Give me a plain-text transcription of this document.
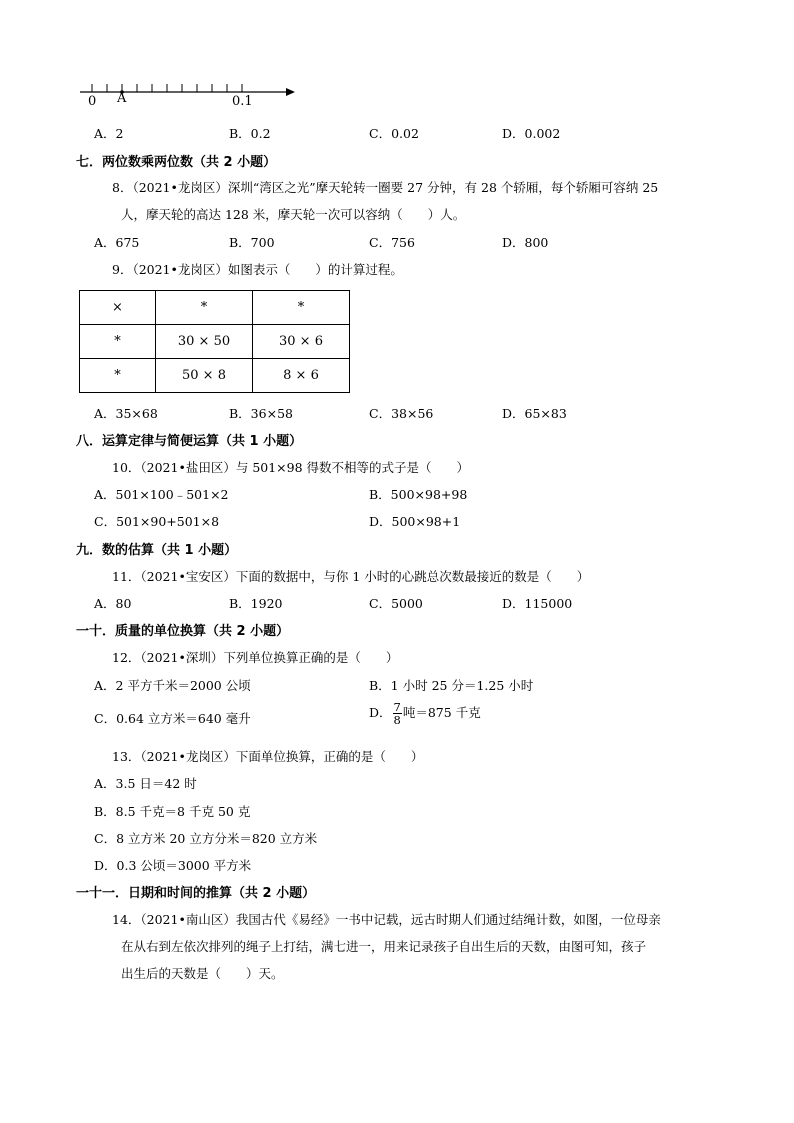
0 A	0.1
A．2	B．0.2	C．0.02	D．0.002
七．两位数乘两位数（共 2 小题）
8．（2021•龙岗区）深圳“湾区之光”摩天轮转一圈要 27 分钟，有 28 个轿厢，每个轿厢可容纳 25
人，摩天轮的高达 128 米，摩天轮一次可以容纳（　　）人。
A．675	B．700	C．756	D．800
9．（2021•龙岗区）如图表示（　　）的计算过程。
×	*	*
*	30 × 50	30 × 6
*	50 × 8	8 × 6
A．35×68	B．36×58	C．38×56	D．65×83
八．运算定律与简便运算（共 1 小题）
10．（2021•盐田区）与 501×98 得数不相等的式子是（　　）
A．501×100﹣501×2	B．500×98+98
C．501×90+501×8	D．500×98+1
九．数的估算（共 1 小题）
11．（2021•宝安区）下面的数据中，与你 1 小时的心跳总次数最接近的数是（　　）
A．80	B．1920	C．5000	D．115000
一十．质量的单位换算（共 2 小题）
12．（2021•深圳）下列单位换算正确的是（　　）
A．2 平方千米＝2000 公顷	B．1 小时 25 分＝1.25 小时
C．0.64 立方米＝640 毫升	D． $\frac{7}{8}$ 吨＝875 千克
13．（2021•龙岗区）下面单位换算，正确的是（　　）
A．3.5 日＝42 时
B．8.5 千克＝8 千克 50 克
C．8 立方米 20 立方分米＝820 立方米
D．0.3 公顷＝3000 平方米
一十一．日期和时间的推算（共 2 小题）
14．（2021•南山区）我国古代《易经》一书中记载，远古时期人们通过结绳计数，如图，一位母亲
在从右到左依次排列的绳子上打结，满七进一，用来记录孩子自出生后的天数，由图可知，孩子
出生后的天数是（　　）天。
